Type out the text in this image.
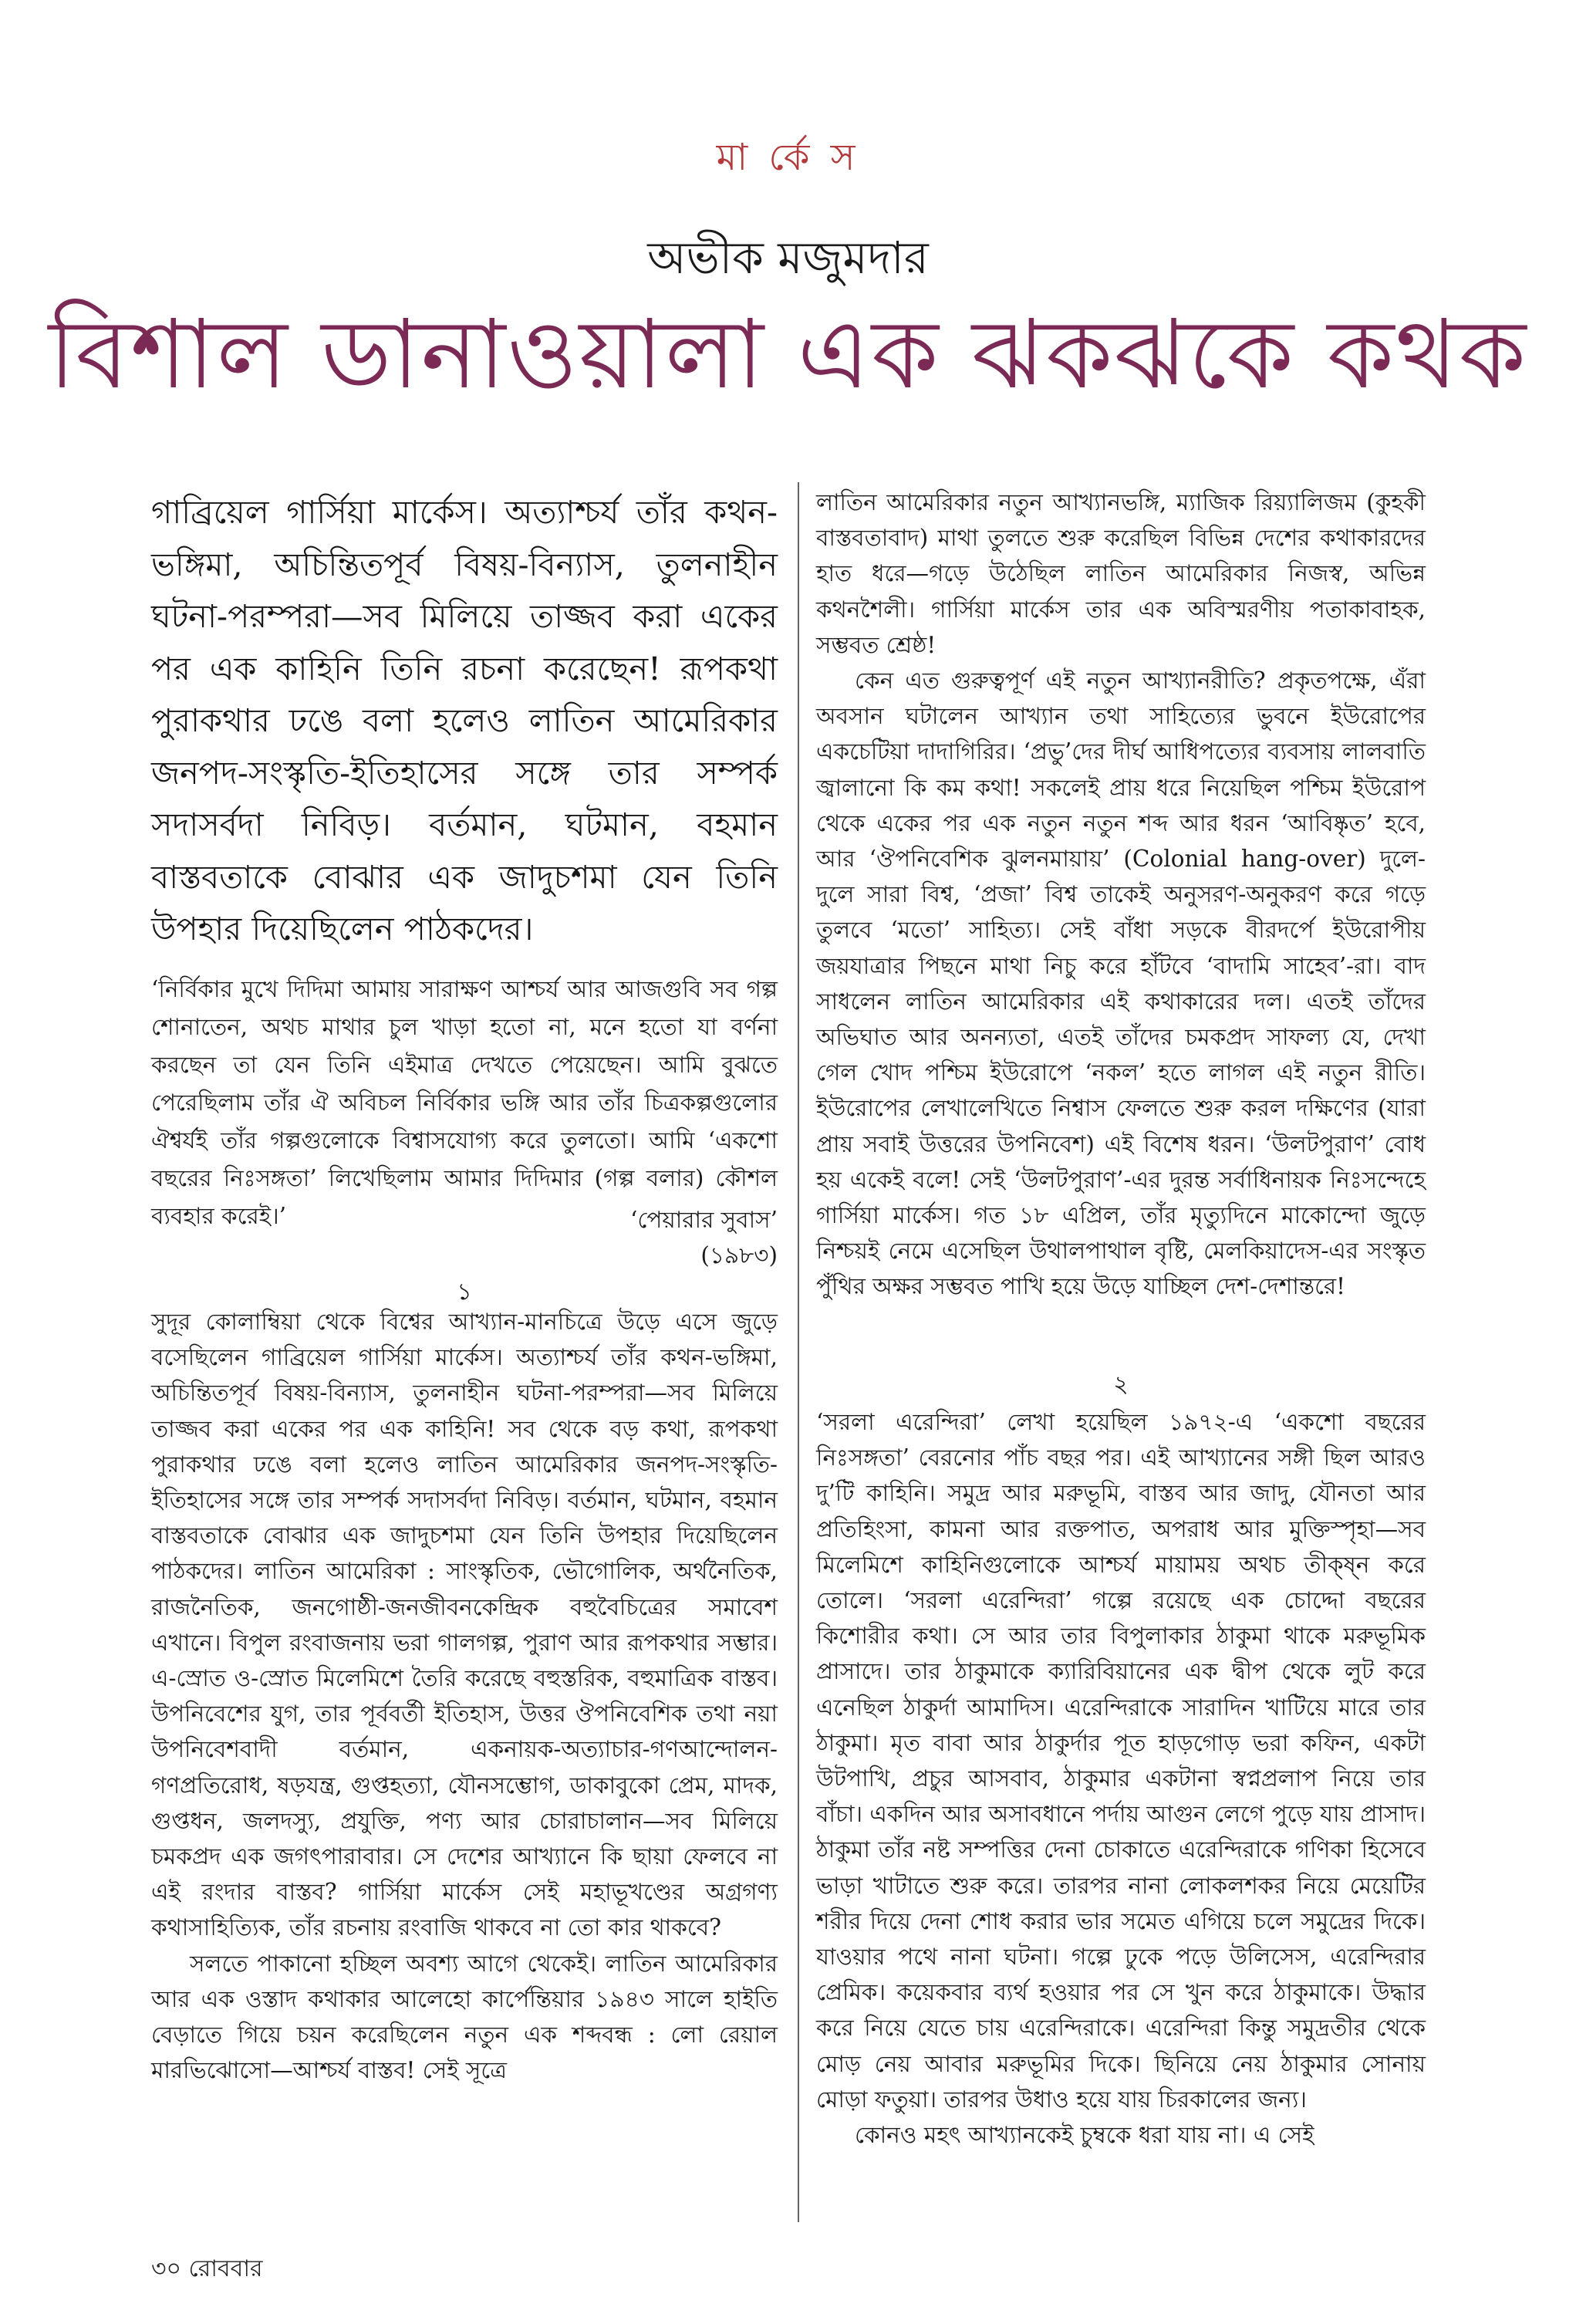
মা র্কে স
অভীক মজুমদার
বিশাল ডানাওয়ালা এক ঝকঝকে কথক

গাব্রিয়েল গার্সিয়া মার্কেস। অত্যাশ্চর্য তাঁর কথন-ভঙ্গিমা, অচিন্তিতপূর্ব বিষয়-বিন্যাস, তুলনাহীন ঘটনা-পরম্পরা—সব মিলিয়ে তাজ্জব করা একের পর এক কাহিনি তিনি রচনা করেছেন! রূপকথা পুরাকথার ঢঙে বলা হলেও লাতিন আমেরিকার জনপদ-সংস্কৃতি-ইতিহাসের সঙ্গে তার সম্পর্ক সদাসর্বদা নিবিড়। বর্তমান, ঘটমান, বহমান বাস্তবতাকে বোঝার এক জাদুচশমা যেন তিনি উপহার দিয়েছিলেন পাঠকদের।

‘নির্বিকার মুখে দিদিমা আমায় সারাক্ষণ আশ্চর্য আর আজগুবি সব গল্প শোনাতেন, অথচ মাথার চুল খাড়া হতো না, মনে হতো যা বর্ণনা করছেন তা যেন তিনি এইমাত্র দেখতে পেয়েছেন। আমি বুঝতে পেরেছিলাম তাঁর ঐ অবিচল নির্বিকার ভঙ্গি আর তাঁর চিত্রকল্পগুলোর ঐশ্বর্যই তাঁর গল্পগুলোকে বিশ্বাসযোগ্য করে তুলতো। আমি ‘একশো বছরের নিঃসঙ্গতা’ লিখেছিলাম আমার দিদিমার (গল্প বলার) কৌশল ব্যবহার করেই।’	‘পেয়ারার সুবাস’
(১৯৮৩)
১

সুদূর কোলাম্বিয়া থেকে বিশ্বের আখ্যান-মানচিত্রে উড়ে এসে জুড়ে বসেছিলেন গাব্রিয়েল গার্সিয়া মার্কেস। অত্যাশ্চর্য তাঁর কথন-ভঙ্গিমা, অচিন্তিতপূর্ব বিষয়-বিন্যাস, তুলনাহীন ঘটনা-পরম্পরা—সব মিলিয়ে তাজ্জব করা একের পর এক কাহিনি! সব থেকে বড় কথা, রূপকথা পুরাকথার ঢঙে বলা হলেও লাতিন আমেরিকার জনপদ-সংস্কৃতি-ইতিহাসের সঙ্গে তার সম্পর্ক সদাসর্বদা নিবিড়। বর্তমান, ঘটমান, বহমান বাস্তবতাকে বোঝার এক জাদুচশমা যেন তিনি উপহার দিয়েছিলেন পাঠকদের। লাতিন আমেরিকা : সাংস্কৃতিক, ভৌগোলিক, অর্থনৈতিক, রাজনৈতিক, জনগোষ্ঠী-জনজীবনকেন্দ্রিক বহুবৈচিত্রের সমাবেশ এখানে। বিপুল রংবাজনায় ভরা গালগল্প, পুরাণ আর রূপকথার সম্ভার। এ-স্রোত ও-স্রোত মিলেমিশে তৈরি করেছে বহুস্তরিক, বহুমাত্রিক বাস্তব। উপনিবেশের যুগ, তার পূর্ববর্তী ইতিহাস, উত্তর ঔপনিবেশিক তথা নয়া উপনিবেশবাদী বর্তমান, একনায়ক-অত্যাচার-গণআন্দোলন-গণপ্রতিরোধ, ষড়যন্ত্র, গুপ্তহত্যা, যৌনসম্ভোগ, ডাকাবুকো প্রেম, মাদক, গুপ্তধন, জলদস্যু, প্রযুক্তি, পণ্য আর চোরাচালান—সব মিলিয়ে চমকপ্রদ এক জগৎপারাবার। সে দেশের আখ্যানে কি ছায়া ফেলবে না এই রংদার বাস্তব? গার্সিয়া মার্কেস সেই মহাভূখণ্ডের অগ্রগণ্য কথাসাহিত্যিক, তাঁর রচনায় রংবাজি থাকবে না তো কার থাকবে?

সলতে পাকানো হচ্ছিল অবশ্য আগে থেকেই। লাতিন আমেরিকার আর এক ওস্তাদ কথাকার আলেহো কার্পেন্তিয়ার ১৯৪৩ সালে হাইতি বেড়াতে গিয়ে চয়ন করেছিলেন নতুন এক শব্দবন্ধ : লো রেয়াল মারভিঝোসো—আশ্চর্য বাস্তব! সেই সূত্রে

লাতিন আমেরিকার নতুন আখ্যানভঙ্গি, ম্যাজিক রিয়্যালিজম (কুহকী বাস্তবতাবাদ) মাথা তুলতে শুরু করেছিল বিভিন্ন দেশের কথাকারদের হাত ধরে—গড়ে উঠেছিল লাতিন আমেরিকার নিজস্ব, অভিন্ন কথনশৈলী। গার্সিয়া মার্কেস তার এক অবিস্মরণীয় পতাকাবাহক, সম্ভবত শ্রেষ্ঠ!

কেন এত গুরুত্বপূর্ণ এই নতুন আখ্যানরীতি? প্রকৃতপক্ষে, এঁরা অবসান ঘটালেন আখ্যান তথা সাহিত্যের ভুবনে ইউরোপের একচেটিয়া দাদাগিরির। ‘প্রভু’দের দীর্ঘ আধিপত্যের ব্যবসায় লালবাতি জ্বালানো কি কম কথা! সকলেই প্রায় ধরে নিয়েছিল পশ্চিম ইউরোপ থেকে একের পর এক নতুন নতুন শব্দ আর ধরন ‘আবিষ্কৃত’ হবে, আর ‘ঔপনিবেশিক ঝুলনমায়ায়’ (Colonial hang-over) দুলে-দুলে সারা বিশ্ব, ‘প্রজা’ বিশ্ব তাকেই অনুসরণ-অনুকরণ করে গড়ে তুলবে ‘মতো’ সাহিত্য। সেই বাঁধা সড়কে বীরদর্পে ইউরোপীয় জয়যাত্রার পিছনে মাথা নিচু করে হাঁটবে ‘বাদামি সাহেব’-রা। বাদ সাধলেন লাতিন আমেরিকার এই কথাকারের দল। এতই তাঁদের অভিঘাত আর অনন্যতা, এতই তাঁদের চমকপ্রদ সাফল্য যে, দেখা গেল খোদ পশ্চিম ইউরোপে ‘নকল’ হতে লাগল এই নতুন রীতি। ইউরোপের লেখালেখিতে নিশ্বাস ফেলতে শুরু করল দক্ষিণের (যারা প্রায় সবাই উত্তরের উপনিবেশ) এই বিশেষ ধরন। ‘উলটপুরাণ’ বোধ হয় একেই বলে! সেই ‘উলটপুরাণ’-এর দুরন্ত সর্বাধিনায়ক নিঃসন্দেহে গার্সিয়া মার্কেস। গত ১৮ এপ্রিল, তাঁর মৃত্যুদিনে মাকোন্দো জুড়ে নিশ্চয়ই নেমে এসেছিল উথালপাথাল বৃষ্টি, মেলকিয়াদেস-এর সংস্কৃত পুঁথির অক্ষর সম্ভবত পাখি হয়ে উড়ে যাচ্ছিল দেশ-দেশান্তরে!

২

‘সরলা এরেন্দিরা’ লেখা হয়েছিল ১৯৭২-এ ‘একশো বছরের নিঃসঙ্গতা’ বেরনোর পাঁচ বছর পর। এই আখ্যানের সঙ্গী ছিল আরও দু’টি কাহিনি। সমুদ্র আর মরুভূমি, বাস্তব আর জাদু, যৌনতা আর প্রতিহিংসা, কামনা আর রক্তপাত, অপরাধ আর মুক্তিস্পৃহা—সব মিলেমিশে কাহিনিগুলোকে আশ্চর্য মায়াময় অথচ তীক্ষ্ন করে তোলে। ‘সরলা এরেন্দিরা’ গল্পে রয়েছে এক চোদ্দো বছরের কিশোরীর কথা। সে আর তার বিপুলাকার ঠাকুমা থাকে মরুভূমিক প্রাসাদে। তার ঠাকুমাকে ক্যারিবিয়ানের এক দ্বীপ থেকে লুট করে এনেছিল ঠাকুর্দা আমাদিস। এরেন্দিরাকে সারাদিন খাটিয়ে মারে তার ঠাকুমা। মৃত বাবা আর ঠাকুর্দার পূত হাড়গোড় ভরা কফিন, একটা উটপাখি, প্রচুর আসবাব, ঠাকুমার একটানা স্বপ্নপ্রলাপ নিয়ে তার বাঁচা। একদিন আর অসাবধানে পর্দায় আগুন লেগে পুড়ে যায় প্রাসাদ। ঠাকুমা তাঁর নষ্ট সম্পত্তির দেনা চোকাতে এরেন্দিরাকে গণিকা হিসেবে ভাড়া খাটাতে শুরু করে। তারপর নানা লোকলশকর নিয়ে মেয়েটির শরীর দিয়ে দেনা শোধ করার ভার সমেত এগিয়ে চলে সমুদ্রের দিকে। যাওয়ার পথে নানা ঘটনা। গল্পে ঢুকে পড়ে উলিসেস, এরেন্দিরার প্রেমিক। কয়েকবার ব্যর্থ হওয়ার পর সে খুন করে ঠাকুমাকে। উদ্ধার করে নিয়ে যেতে চায় এরেন্দিরাকে। এরেন্দিরা কিন্তু সমুদ্রতীর থেকে মোড় নেয় আবার মরুভূমির দিকে। ছিনিয়ে নেয় ঠাকুমার সোনায় মোড়া ফতুয়া। তারপর উধাও হয়ে যায় চিরকালের জন্য।

কোনও মহৎ আখ্যানকেই চুম্বকে ধরা যায় না। এ সেই

৩০ রোববার
